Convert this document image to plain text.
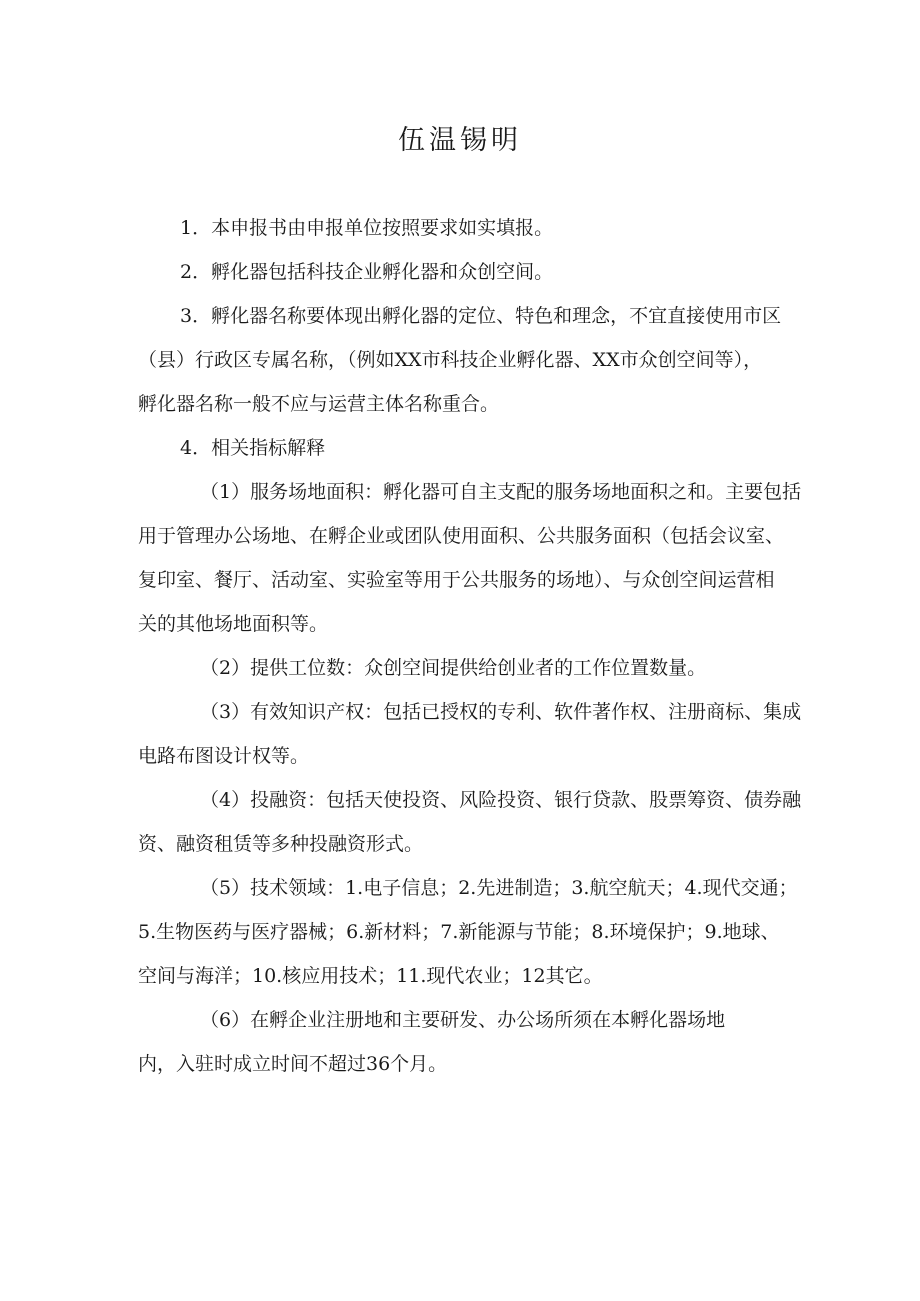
伍温锡明

1．本申报书由申报单位按照要求如实填报。

2．孵化器包括科技企业孵化器和众创空间。

3．孵化器名称要体现出孵化器的定位、特色和理念，不宜直接使用市区

（县）行政区专属名称，（例如XX市科技企业孵化器、XX市众创空间等），

孵化器名称一般不应与运营主体名称重合。

4．相关指标解释

（1）服务场地面积：孵化器可自主支配的服务场地面积之和。主要包括

用于管理办公场地、在孵企业或团队使用面积、公共服务面积（包括会议室、

复印室、餐厅、活动室、实验室等用于公共服务的场地）、与众创空间运营相

关的其他场地面积等。

（2）提供工位数：众创空间提供给创业者的工作位置数量。

（3）有效知识产权：包括已授权的专利、软件著作权、注册商标、集成

电路布图设计权等。

（4）投融资：包括天使投资、风险投资、银行贷款、股票筹资、债券融

资、融资租赁等多种投融资形式。

（5）技术领域：1.电子信息；2.先进制造；3.航空航天；4.现代交通；

5.生物医药与医疗器械；6.新材料；7.新能源与节能；8.环境保护；9.地球、

空间与海洋；10.核应用技术；11.现代农业；12其它。

（6）在孵企业注册地和主要研发、办公场所须在本孵化器场地

内，入驻时成立时间不超过36个月。
